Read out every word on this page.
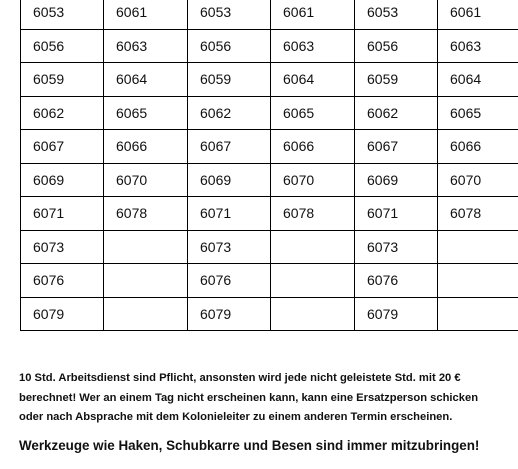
6053	6061	6053	6061	6053	6061
6056	6063	6056	6063	6056	6063
6059	6064	6059	6064	6059	6064
6062	6065	6062	6065	6062	6065
6067	6066	6067	6066	6067	6066
6069	6070	6069	6070	6069	6070
6071	6078	6071	6078	6071	6078
6073		6073		6073	
6076		6076		6076	
6079		6079		6079	

10 Std. Arbeitsdienst sind Pflicht, ansonsten wird jede nicht geleistete Std. mit 20 €
berechnet! Wer an einem Tag nicht erscheinen kann, kann eine Ersatzperson schicken
oder nach Absprache mit dem Kolonieleiter zu einem anderen Termin erscheinen.

Werkzeuge wie Haken, Schubkarre und Besen sind immer mitzubringen!
